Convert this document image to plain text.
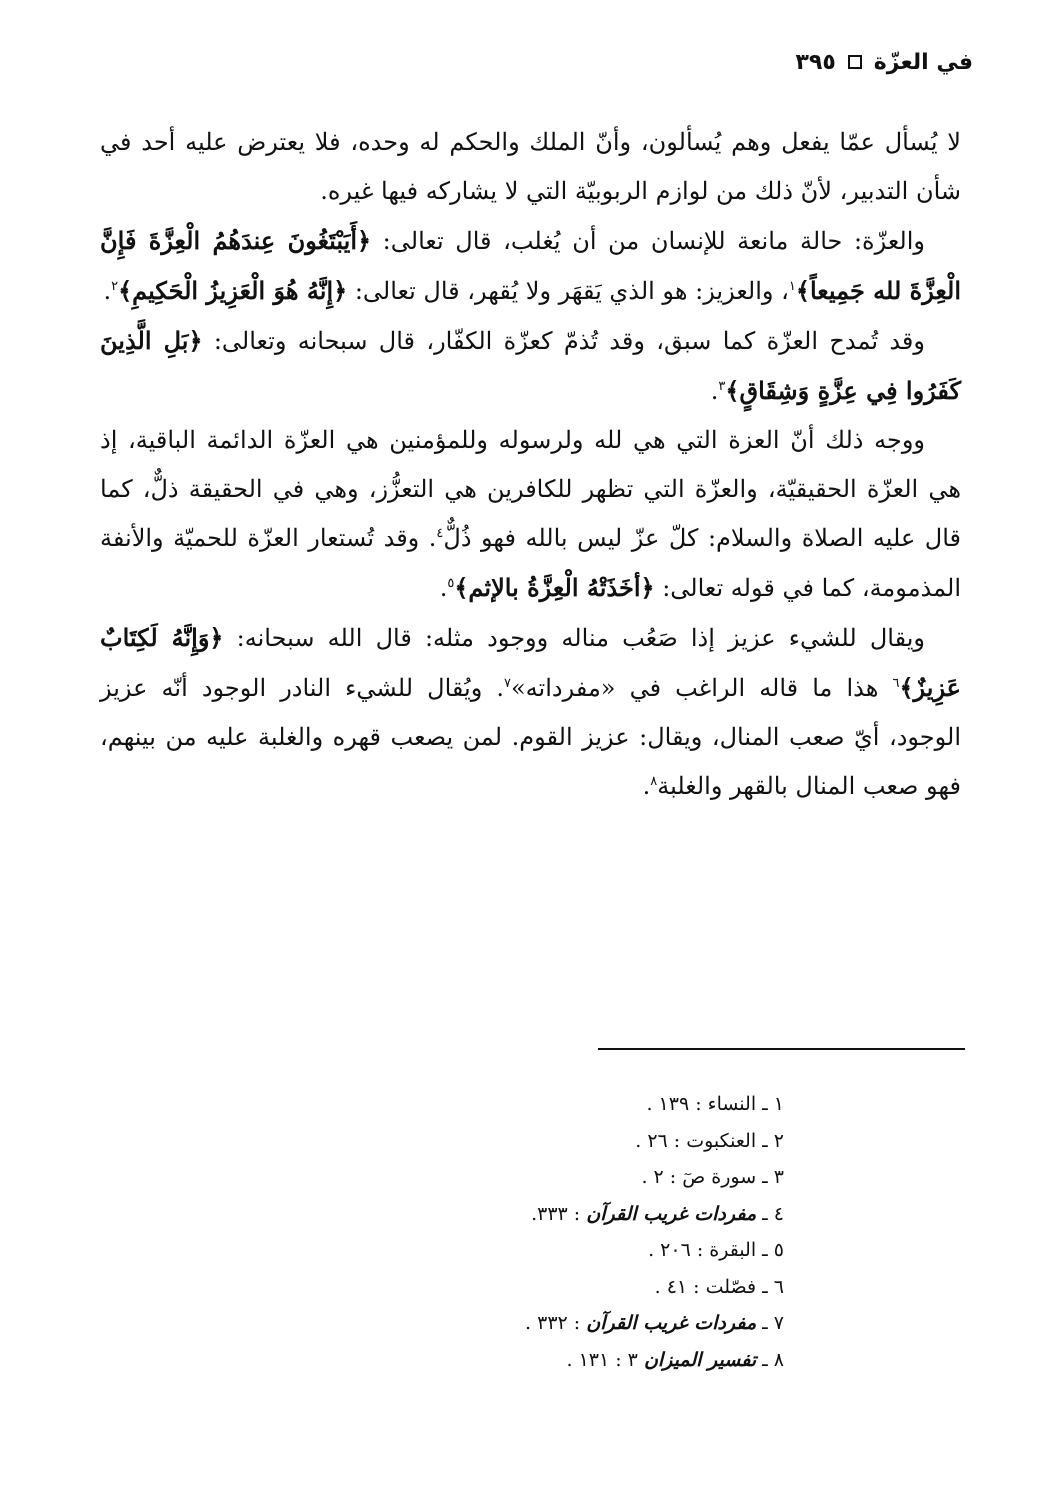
في العزّة
٣٩٥

لا يُسأل عمّا يفعل وهم يُسألون، وأنّ الملك والحكم له وحده، فلا يعترض عليه أحد في شأن التدبير، لأنّ ذلك من لوازم الربوبيّة التي لا يشاركه فيها غيره.

والعزّة: حالة مانعة للإنسان من أن يُغلب، قال تعالى: ﴿أَيَبْتَغُونَ عِندَهُمُ الْعِزَّةَ فَإِنَّ الْعِزَّةَ لله جَمِيعاً﴾$^١$، والعزيز: هو الذي يَقهَر ولا يُقهر، قال تعالى: ﴿إِنَّهُ هُوَ الْعَزِيزُ الْحَكِيمِ﴾$^٢$.

وقد تُمدح العزّة كما سبق، وقد تُذمّ كعزّة الكفّار، قال سبحانه وتعالى: ﴿بَلِ الَّذِينَ كَفَرُوا فِي عِزَّةٍ وَشِقَاقٍ﴾$^٣$.

ووجه ذلك أنّ العزة التي هي لله ولرسوله وللمؤمنين هي العزّة الدائمة الباقية، إذ هي العزّة الحقيقيّة، والعزّة التي تظهر للكافرين هي التعزُّز، وهي في الحقيقة ذلٌّ، كما قال عليه الصلاة والسلام: كلّ عزّ ليس بالله فهو ذُلٌّ$^٤$. وقد تُستعار العزّة للحميّة والأنفة المذمومة، كما في قوله تعالى: ﴿أخَذَتْهُ الْعِزَّةُ بالإثم﴾$^٥$.

ويقال للشيء عزيز إذا صَعُب مناله ووجود مثله: قال الله سبحانه: ﴿وَإِنَّهُ لَكِتَابٌ عَزِيزٌ﴾$^٦$ هذا ما قاله الراغب في «مفرداته»$^٧$. ويُقال للشيء النادر الوجود أنّه عزيز الوجود، أيّ صعب المنال، ويقال: عزيز القوم. لمن يصعب قهره والغلبة عليه من بينهم، فهو صعب المنال بالقهر والغلبة$^٨$.

١ ـ النساء : ١٣٩ .
٢ ـ العنكبوت : ٢٦ .
٣ ـ سورة صٓ : ٢ .
٤ ـ مفردات غريب القرآن : ٣٣٣.
٥ ـ البقرة : ٢٠٦ .
٦ ـ فصّلت : ٤١ .
٧ ـ مفردات غريب القرآن : ٣٣٢ .
٨ ـ تفسير الميزان ٣ : ١٣١ .
